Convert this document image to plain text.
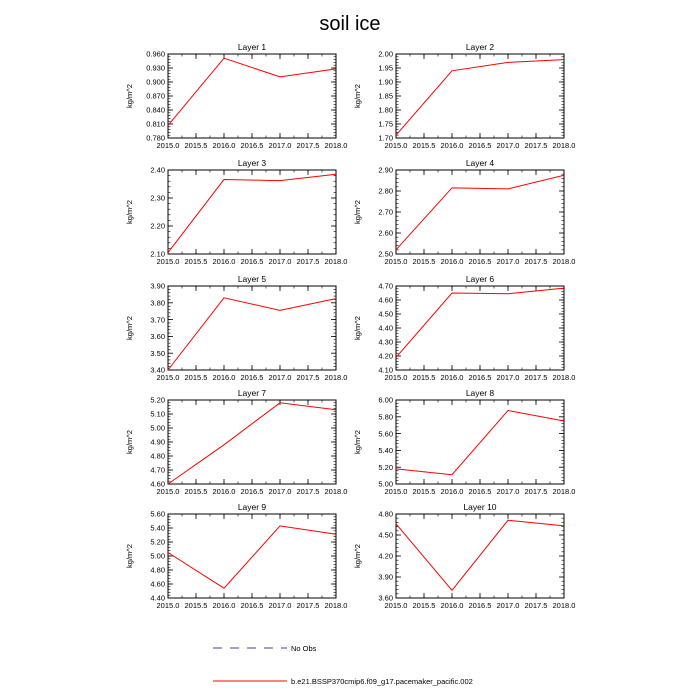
soil ice
Layer 1
2015.0 2015.5 2016.0 2016.5 2017.0 2017.5 2018.0
0.780
0.810
0.840
0.870
0.900
0.930
0.960
kg/m^2
Layer 2
2015.0 2015.5 2016.0 2016.5 2017.0 2017.5 2018.0
1.70
1.75
1.80
1.85
1.90
1.95
2.00
kg/m^2
Layer 3
2015.0 2015.5 2016.0 2016.5 2017.0 2017.5 2018.0
2.10
2.20
2.30
2.40
kg/m^2
Layer 4
2015.0 2015.5 2016.0 2016.5 2017.0 2017.5 2018.0
2.50
2.60
2.70
2.80
2.90
kg/m^2
Layer 5
2015.0 2015.5 2016.0 2016.5 2017.0 2017.5 2018.0
3.40
3.50
3.60
3.70
3.80
3.90
kg/m^2
Layer 6
2015.0 2015.5 2016.0 2016.5 2017.0 2017.5 2018.0
4.10
4.20
4.30
4.40
4.50
4.60
4.70
kg/m^2
Layer 7
2015.0 2015.5 2016.0 2016.5 2017.0 2017.5 2018.0
4.60
4.70
4.80
4.90
5.00
5.10
5.20
kg/m^2
Layer 8
2015.0 2015.5 2016.0 2016.5 2017.0 2017.5 2018.0
5.00
5.20
5.40
5.60
5.80
6.00
kg/m^2
Layer 9
2015.0 2015.5 2016.0 2016.5 2017.0 2017.5 2018.0
4.40
4.60
4.80
5.00
5.20
5.40
5.60
kg/m^2
Layer 10
2015.0 2015.5 2016.0 2016.5 2017.0 2017.5 2018.0
3.60
3.90
4.20
4.50
4.80
kg/m^2
No Obs
b.e21.BSSP370cmip6.f09_g17.pacemaker_pacific.002
